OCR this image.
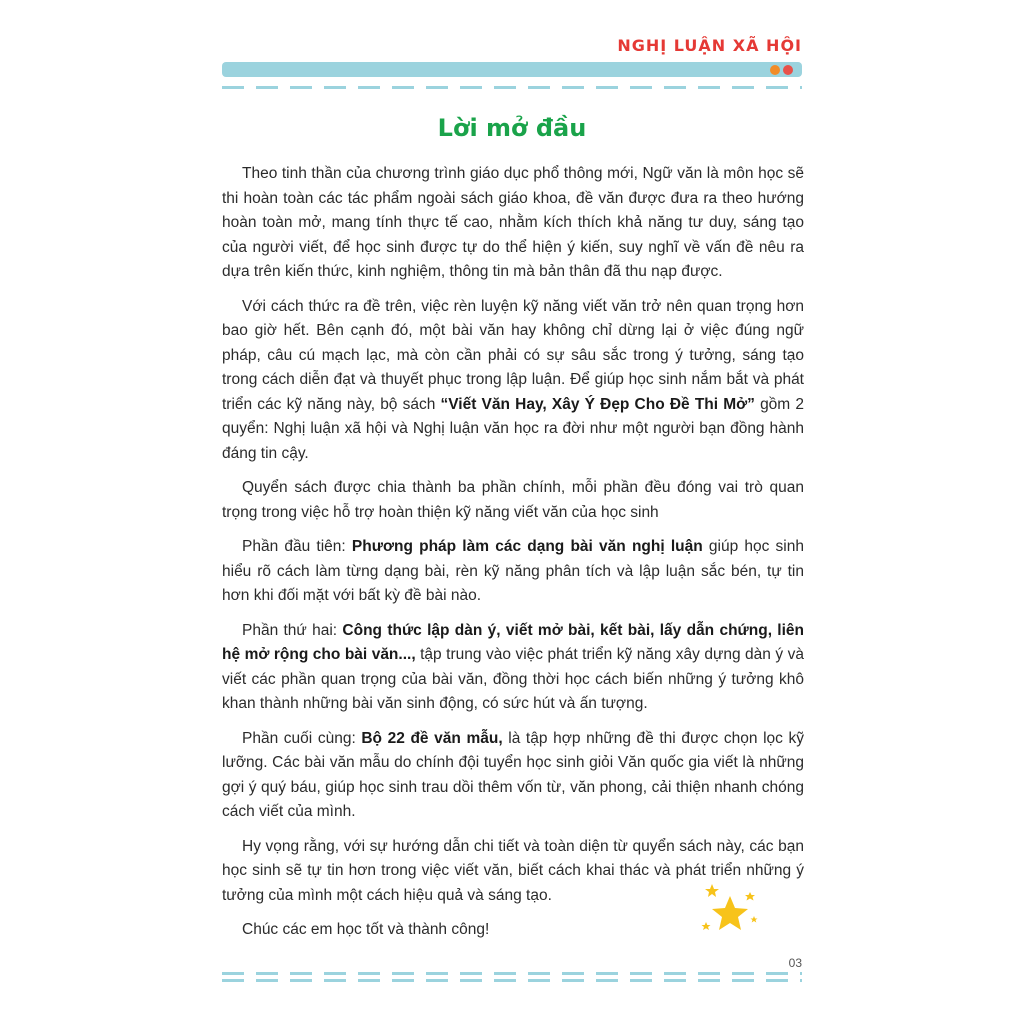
NGHỊ LUẬN XÃ HỘI
Lời mở đầu

Theo tinh thần của chương trình giáo dục phổ thông mới, Ngữ văn là môn học sẽ thi hoàn toàn các tác phẩm ngoài sách giáo khoa, đề văn được đưa ra theo hướng hoàn toàn mở, mang tính thực tế cao, nhằm kích thích khả năng tư duy, sáng tạo của người viết, để học sinh được tự do thể hiện ý kiến, suy nghĩ về vấn đề nêu ra dựa trên kiến thức, kinh nghiệm, thông tin mà bản thân đã thu nạp được.

Với cách thức ra đề trên, việc rèn luyện kỹ năng viết văn trở nên quan trọng hơn bao giờ hết. Bên cạnh đó, một bài văn hay không chỉ dừng lại ở việc đúng ngữ pháp, câu cú mạch lạc, mà còn cần phải có sự sâu sắc trong ý tưởng, sáng tạo trong cách diễn đạt và thuyết phục trong lập luận. Để giúp học sinh nắm bắt và phát triển các kỹ năng này, bộ sách “Viết Văn Hay, Xây Ý Đẹp Cho Đề Thi Mở” gồm 2 quyển: Nghị luận xã hội và Nghị luận văn học ra đời như một người bạn đồng hành đáng tin cậy.

Quyển sách được chia thành ba phần chính, mỗi phần đều đóng vai trò quan trọng trong việc hỗ trợ hoàn thiện kỹ năng viết văn của học sinh

Phần đầu tiên: Phương pháp làm các dạng bài văn nghị luận giúp học sinh hiểu rõ cách làm từng dạng bài, rèn kỹ năng phân tích và lập luận sắc bén, tự tin hơn khi đối mặt với bất kỳ đề bài nào.

Phần thứ hai: Công thức lập dàn ý, viết mở bài, kết bài, lấy dẫn chứng, liên hệ mở rộng cho bài văn..., tập trung vào việc phát triển kỹ năng xây dựng dàn ý và viết các phần quan trọng của bài văn, đồng thời học cách biến những ý tưởng khô khan thành những bài văn sinh động, có sức hút và ấn tượng.

Phần cuối cùng: Bộ 22 đề văn mẫu, là tập hợp những đề thi được chọn lọc kỹ lưỡng. Các bài văn mẫu do chính đội tuyển học sinh giỏi Văn quốc gia viết là những gợi ý quý báu, giúp học sinh trau dồi thêm vốn từ, văn phong, cải thiện nhanh chóng cách viết của mình.

Hy vọng rằng, với sự hướng dẫn chi tiết và toàn diện từ quyển sách này, các bạn học sinh sẽ tự tin hơn trong việc viết văn, biết cách khai thác và phát triển những ý tưởng của mình một cách hiệu quả và sáng tạo.

Chúc các em học tốt và thành công!

03
